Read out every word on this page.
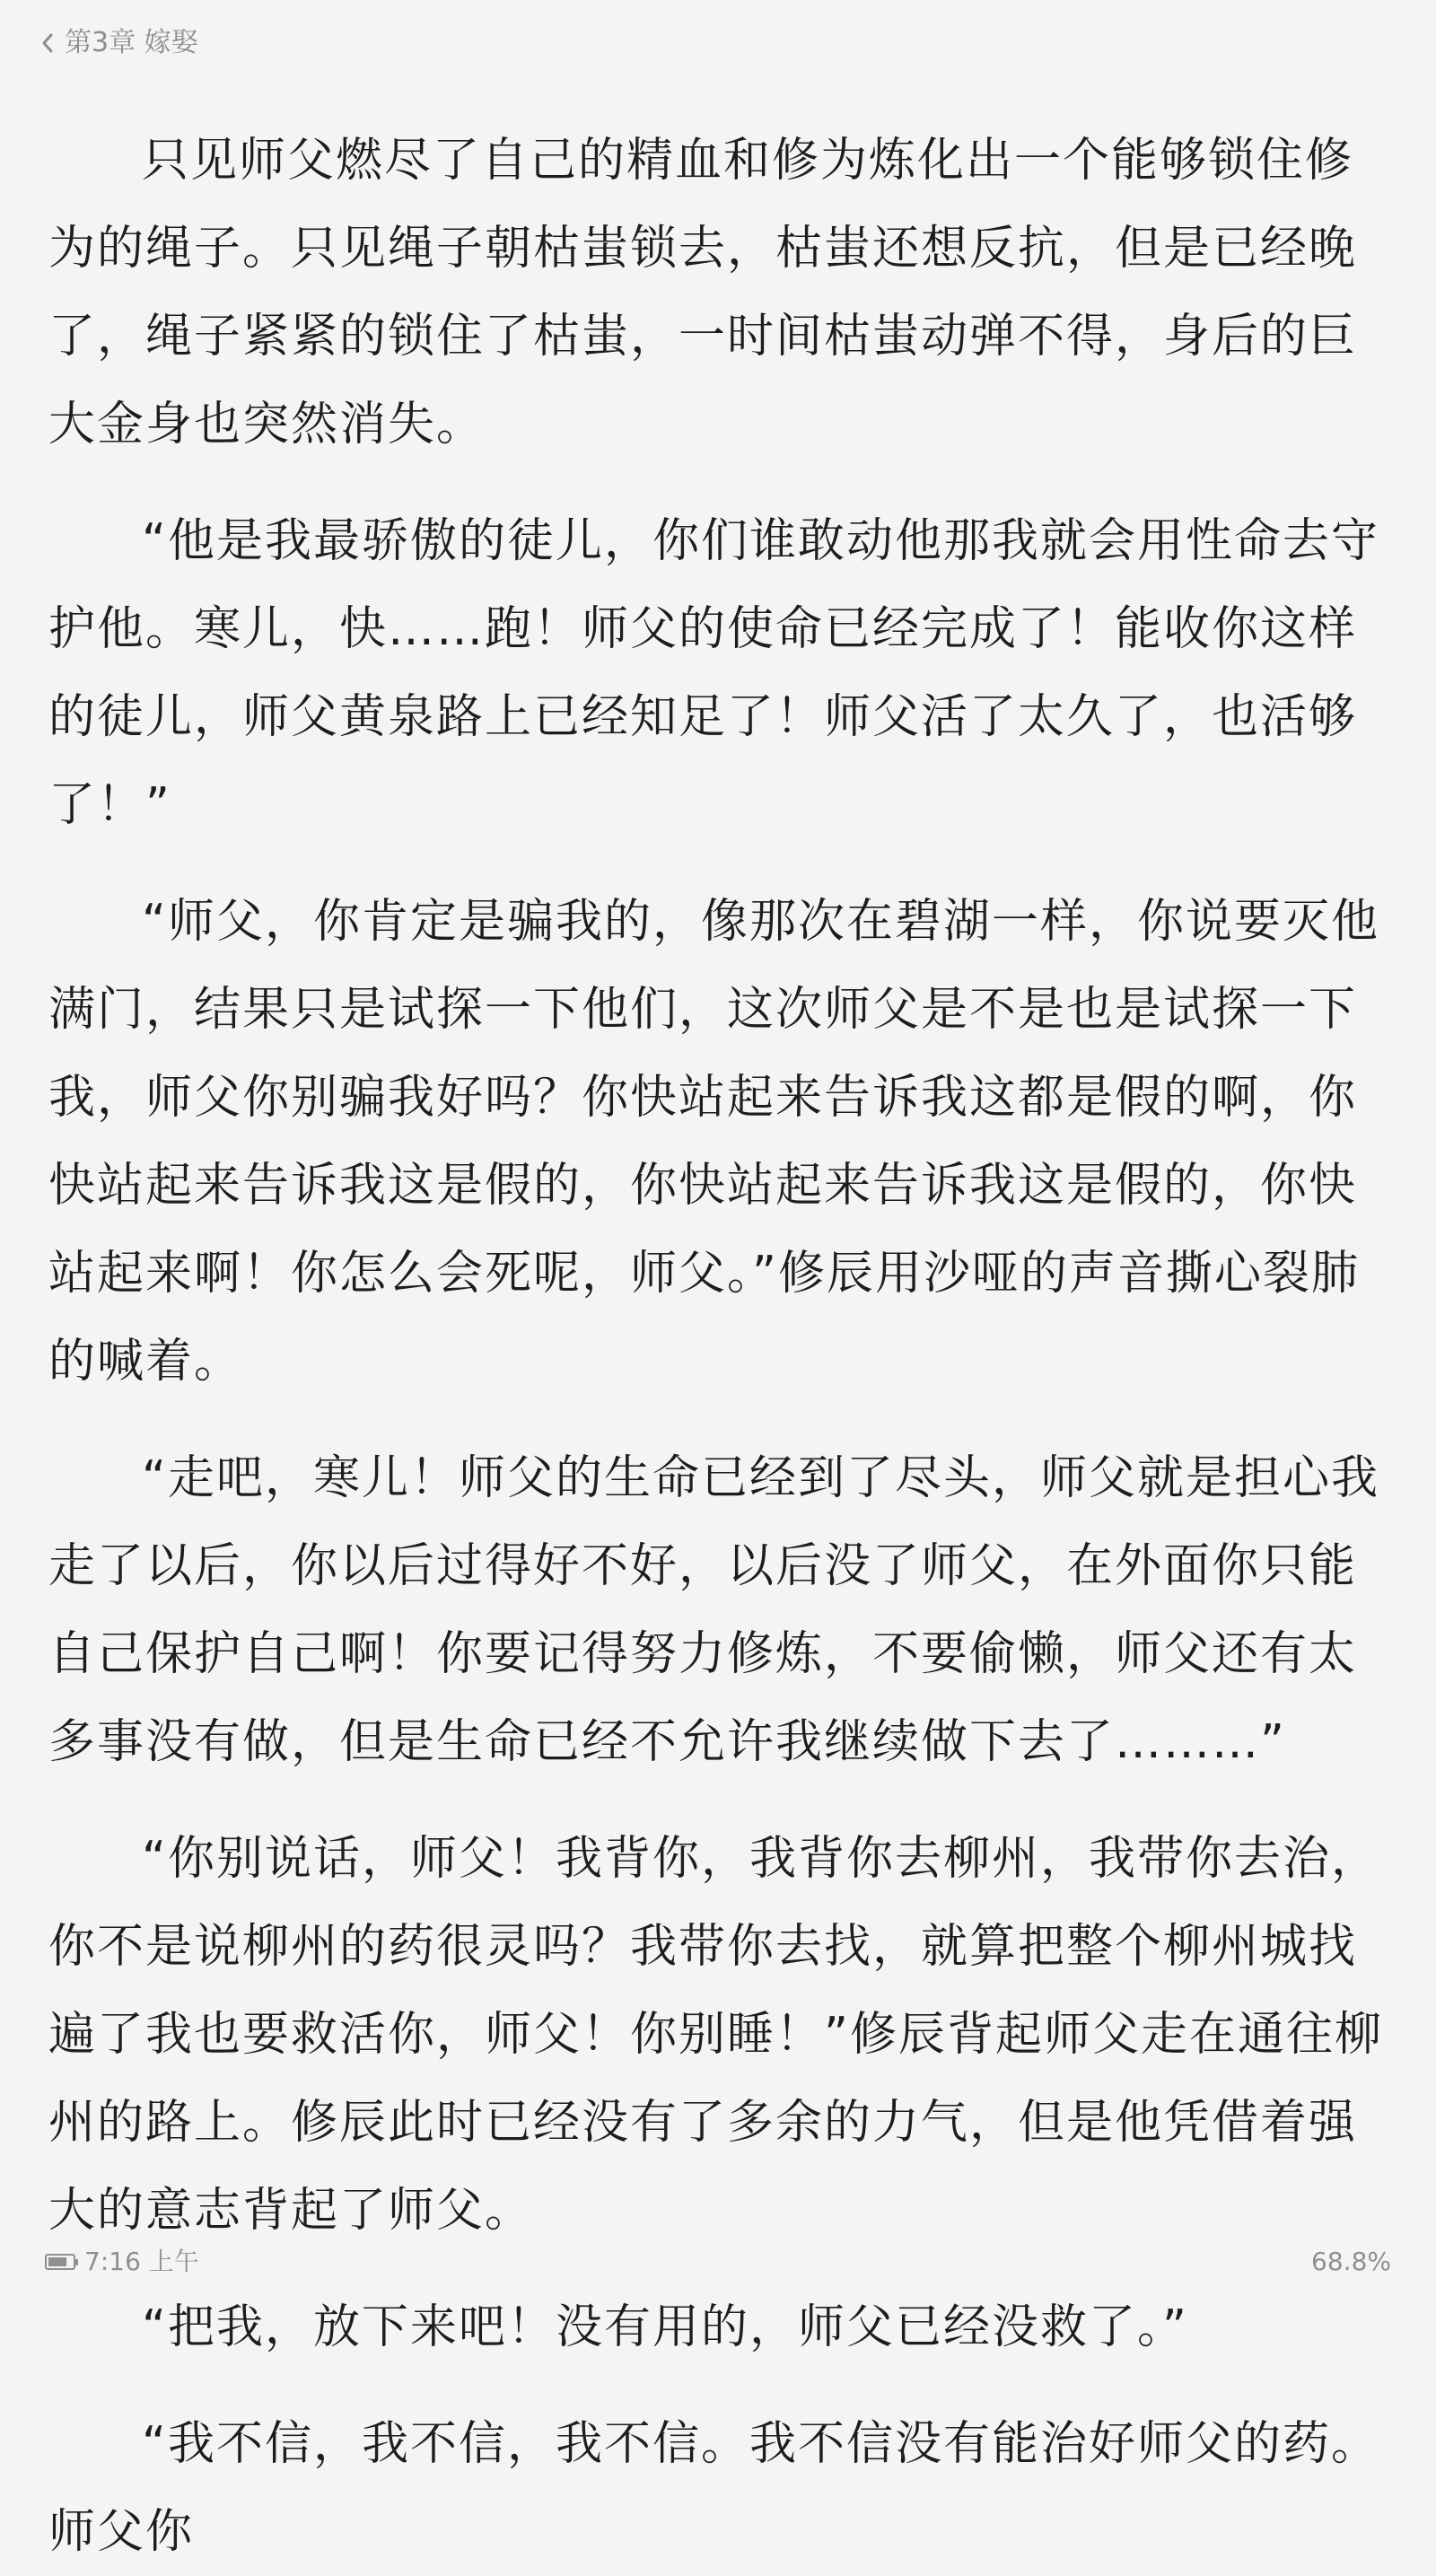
第3章 嫁娶

只见师父燃尽了自己的精血和修为炼化出一个能够锁住修为的绳子。只见绳子朝枯蚩锁去，枯蚩还想反抗，但是已经晚了，绳子紧紧的锁住了枯蚩，一时间枯蚩动弹不得，身后的巨大金身也突然消失。

“他是我最骄傲的徒儿，你们谁敢动他那我就会用性命去守护他。寒儿，快……跑！师父的使命已经完成了！能收你这样的徒儿，师父黄泉路上已经知足了！师父活了太久了，也活够了！”

“师父，你肯定是骗我的，像那次在碧湖一样，你说要灭他满门，结果只是试探一下他们，这次师父是不是也是试探一下我，师父你别骗我好吗？你快站起来告诉我这都是假的啊，你快站起来告诉我这是假的，你快站起来告诉我这是假的，你快站起来啊！你怎么会死呢，师父。”修辰用沙哑的声音撕心裂肺的喊着。

“走吧，寒儿！师父的生命已经到了尽头，师父就是担心我走了以后，你以后过得好不好，以后没了师父，在外面你只能自己保护自己啊！你要记得努力修炼，不要偷懒，师父还有太多事没有做，但是生命已经不允许我继续做下去了………”

“你别说话，师父！我背你，我背你去柳州，我带你去治，你不是说柳州的药很灵吗？我带你去找，就算把整个柳州城找遍了我也要救活你，师父！你别睡！”修辰背起师父走在通往柳州的路上。修辰此时已经没有了多余的力气，但是他凭借着强大的意志背起了师父。

“把我，放下来吧！没有用的，师父已经没救了。”

“我不信，我不信，我不信。我不信没有能治好师父的药。师父你

7:16 上午	68.8%
